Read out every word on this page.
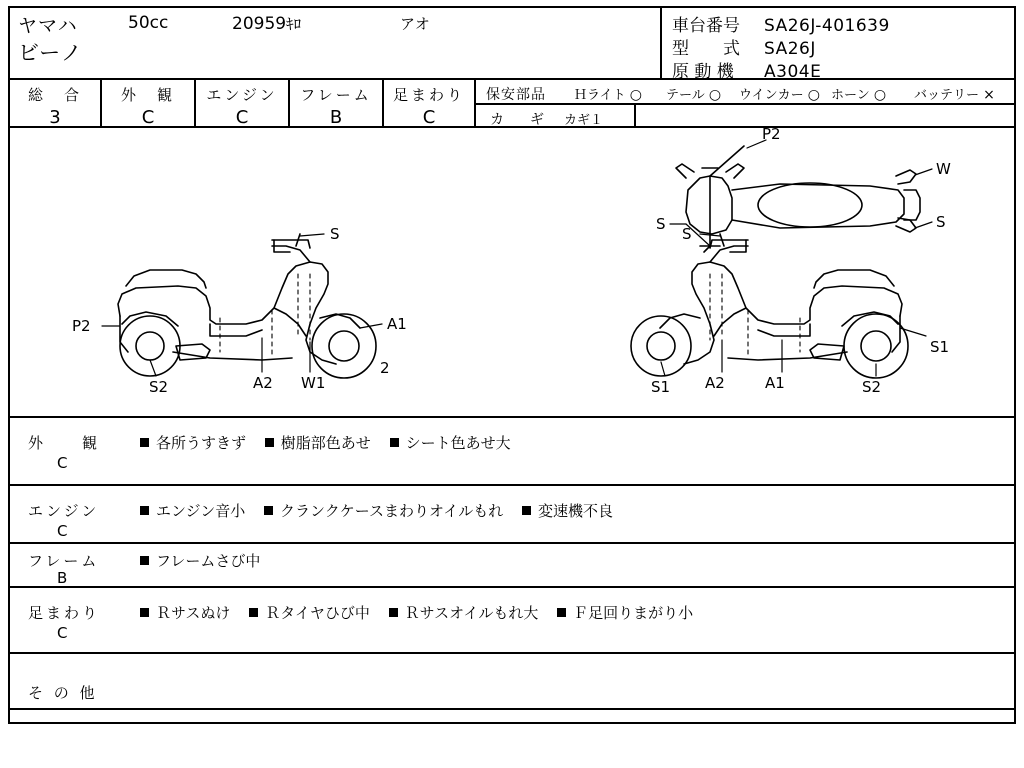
ヤマハ
ビーノ
50cc	20959ｷﾛ	アオ	車台番号 SA26J-401639
型　　式 SA26J
原 動 機 A304E
総　合
3
外　観
C
エンジン
C
フレーム
B
足まわり
C
保安部品 Ｈライト ○ テール ○ ウインカー ○ ホーン ○ バッテリー ×
カ　ギ カギ１
P2
W
S
S
S
A1
P2
S2	A2 W1
2
S
S1
S1 A2	A1	S2
外　　観
C
各所うすきず 樹脂部色あせ シート色あせ大
エンジン
C
エンジン音小 クランクケースまわりオイルもれ 変速機不良
フレーム
B
フレームさび中
足まわり
C
Ｒサスぬけ Ｒタイヤひび中 Ｒサスオイルもれ大 Ｆ足回りまがり小
そ の 他
